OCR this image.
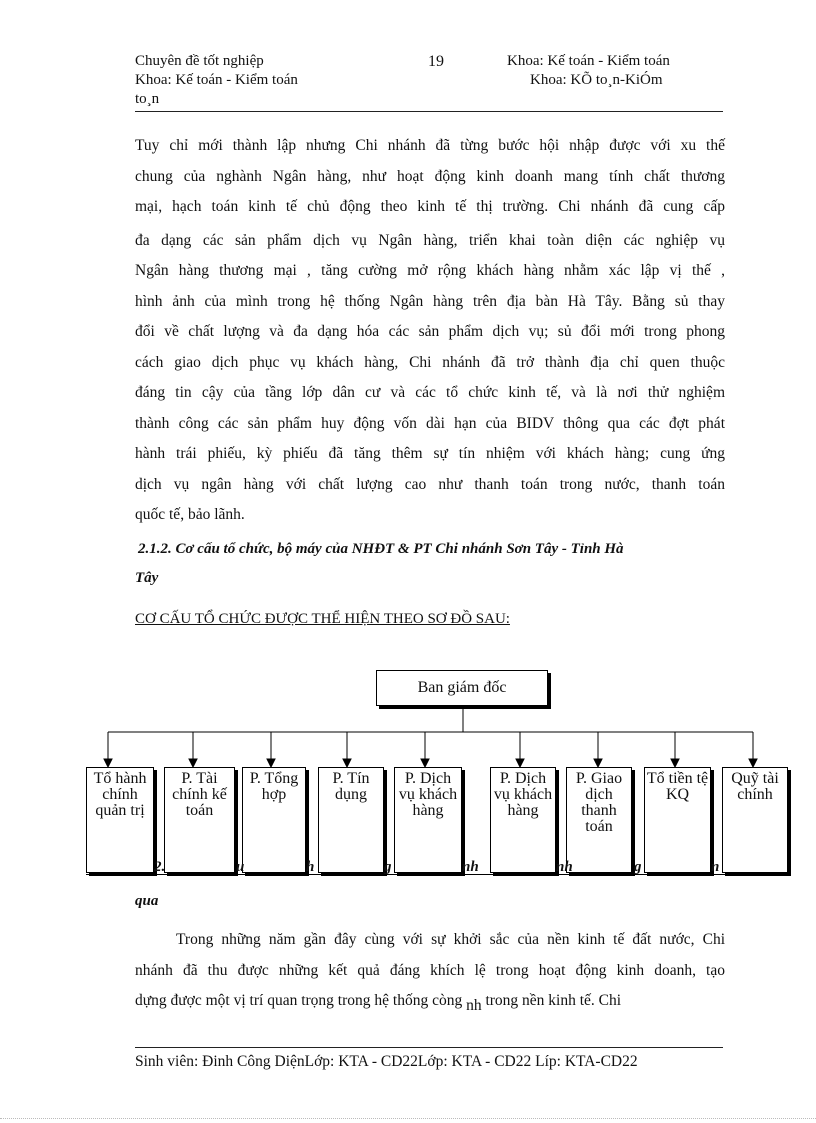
Chuyên đề tốt nghiệp
Khoa: Kế toán - Kiểm toán
to¸n
19	Khoa: Kế toán - Kiểm toán
Khoa: KÕ to¸n-KiÓm
Tuy chỉ mới thành lập nhưng Chi nhánh đã từng bước hội nhập được với xu thế
chung của nghành Ngân hàng, như hoạt động kinh doanh mang tính chất thương
mại, hạch toán kinh tế chủ động theo kinh tế thị trường. Chi nhánh đã cung cấp
đa dạng các sản phẩm dịch vụ Ngân hàng, triển khai toàn diện các nghiệp vụ
Ngân hàng thương mại , tăng cường mở rộng khách hàng nhằm xác lập vị thế ,
hình ảnh của mình trong hệ thống Ngân hàng trên địa bàn Hà Tây. Bằng sủ thay
đổi về chất lượng và đa dạng hóa các sản phẩm dịch vụ; sủ đổi mới trong phong
cách giao dịch phục vụ khách hàng, Chi nhánh đã trở thành địa chỉ quen thuộc
đáng tin cậy của tầng lớp dân cư và các tổ chức kinh tế, và là nơi thử nghiệm
thành công các sản phẩm huy động vốn dài hạn của BIDV thông qua các đợt phát
hành trái phiếu, kỳ phiếu đã tăng thêm sự tín nhiệm với khách hàng; cung ứng
dịch vụ ngân hàng với chất lượng cao như thanh toán trong nước, thanh toán
quốc tế, bảo lãnh.
2.1.2. Cơ cấu tổ chức, bộ máy của NHĐT & PT Chi nhánh Sơn Tây - Tỉnh Hà
Tây
CƠ CẤU TỔ CHỨC ĐƯỢC THỂ HIỆN THEO SƠ ĐỒ SAU:
Ban giám đốc
Tổ hành chính quản trị
P. Tài chính kế toán
P. Tổng hợp
P. Tín dụng
P. Dịch vụ khách hàng
P. Dịch vụ khách hàng
P. Giao dịch thanh toán
Tổ tiền tệ KQ
Quỹ tài chính
2.	u	h	g	nh	nh	g	n
qua
Trong những năm gần đây cùng với sự khởi sắc của nền kinh tế đất nước, Chi
nhánh đã thu được những kết quả đáng khích lệ trong hoạt động kinh doanh, tạo
dựng được một vị trí quan trọng trong hệ thống còng nh trong nền kinh tế. Chi
Sinh viên: Đinh Công DiệnLớp: KTA - CD22Lớp: KTA - CD22 Líp: KTA-CD22
